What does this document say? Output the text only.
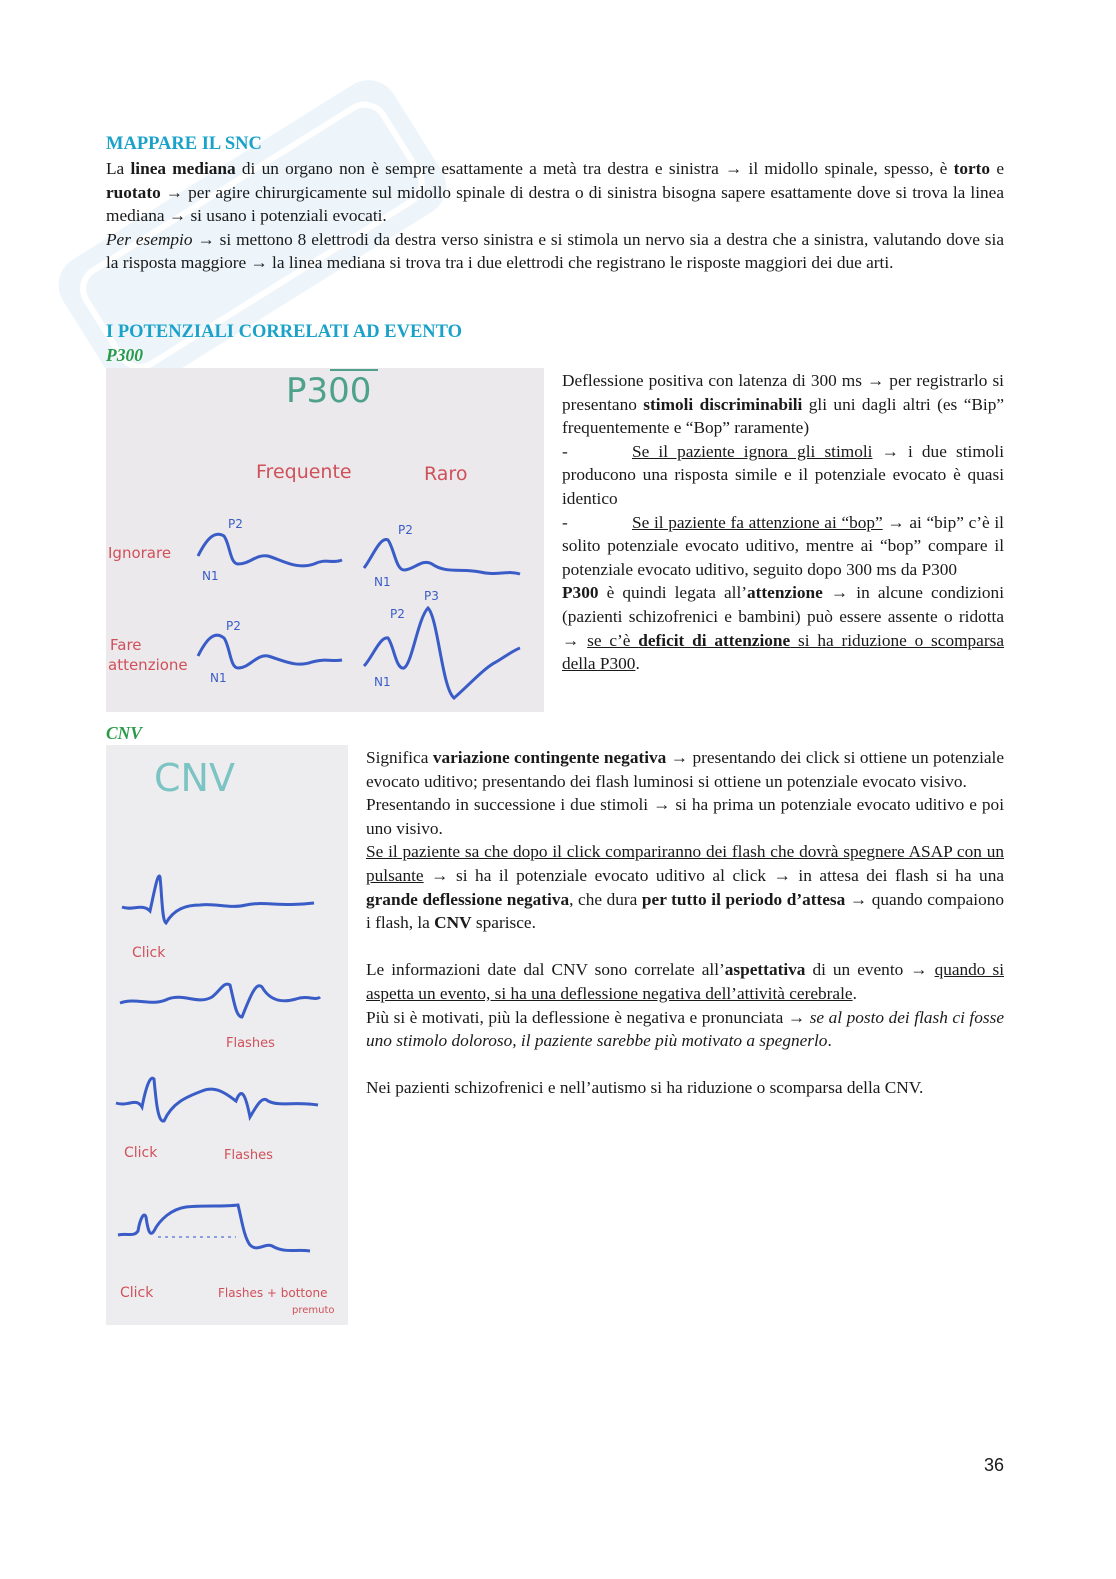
MAPPARE IL SNC

La linea mediana di un organo non è sempre esattamente a metà tra destra e sinistra → il midollo spinale, spesso, è torto e ruotato → per agire chirurgicamente sul midollo spinale di destra o di sinistra bisogna sapere esattamente dove si trova la linea mediana → si usano i potenziali evocati.

Per esempio → si mettono 8 elettrodi da destra verso sinistra e si stimola un nervo sia a destra che a sinistra, valutando dove sia la risposta maggiore → la linea mediana si trova tra i due elettrodi che registrano le risposte maggiori dei due arti.

I POTENZIALI CORRELATI AD EVENTO
P300
P300
Frequente	Raro
Ignorare
Fare
attenzione
P2
N1
P2
N1
P2
N1
P2
P3
N1

Deflessione positiva con latenza di 300 ms → per registrarlo si presentano stimoli discriminabili gli uni dagli altri (es “Bip” frequentemente e “Bop” raramente)

-	Se il paziente ignora gli stimoli → i due stimoli producono una risposta simile e il potenziale evocato è quasi identico

-	Se il paziente fa attenzione ai “bop” → ai “bip” c’è il solito potenziale evocato uditivo, mentre ai “bop” compare il potenziale evocato uditivo, seguito dopo 300 ms da P300

P300 è quindi legata all’attenzione → in alcune condizioni (pazienti schizofrenici e bambini) può essere assente o ridotta → se c’è deficit di attenzione si ha riduzione o scomparsa della P300.

CNV
CNV
Click
Flashes
Click	Flashes
Click	Flashes + bottone
premuto

Significa variazione contingente negativa → presentando dei click si ottiene un potenziale evocato uditivo; presentando dei flash luminosi si ottiene un potenziale evocato visivo.

Presentando in successione i due stimoli → si ha prima un potenziale evocato uditivo e poi uno visivo.

Se il paziente sa che dopo il click compariranno dei flash che dovrà spegnere ASAP con un pulsante → si ha il potenziale evocato uditivo al click → in attesa dei flash si ha una grande deflessione negativa, che dura per tutto il periodo d’attesa → quando compaiono i flash, la CNV sparisce.

Le informazioni date dal CNV sono correlate all’aspettativa di un evento → quando si aspetta un evento, si ha una deflessione negativa dell’attività cerebrale.

Più si è motivati, più la deflessione è negativa e pronunciata → se al posto dei flash ci fosse uno stimolo doloroso, il paziente sarebbe più motivato a spegnerlo.

Nei pazienti schizofrenici e nell’autismo si ha riduzione o scomparsa della CNV.

36
